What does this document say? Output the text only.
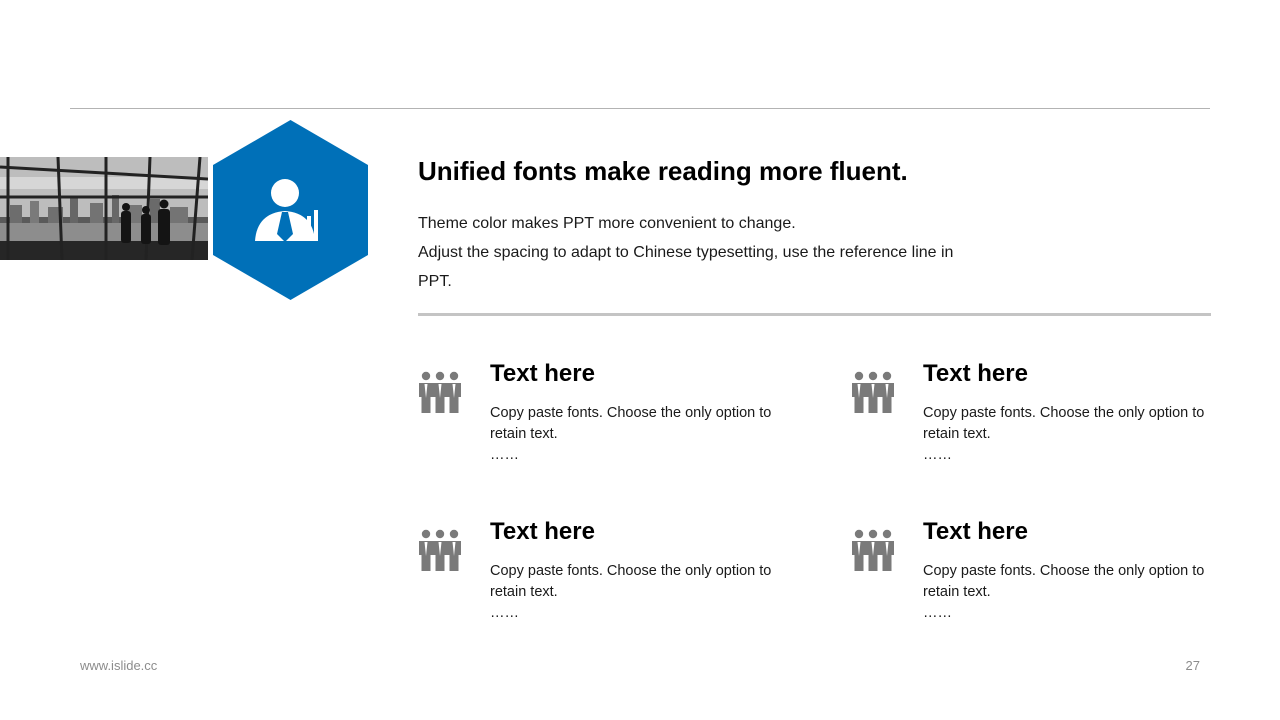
Unified fonts make reading more fluent.

Theme color makes PPT more convenient to change.

Adjust the spacing to adapt to Chinese typesetting, use the reference line in PPT.

Text here

Copy paste fonts. Choose the only option to retain text.

……

Text here

Copy paste fonts. Choose the only option to retain text.

……

Text here

Copy paste fonts. Choose the only option to retain text.

……

Text here

Copy paste fonts. Choose the only option to retain text.

……

www.islide.cc	27
